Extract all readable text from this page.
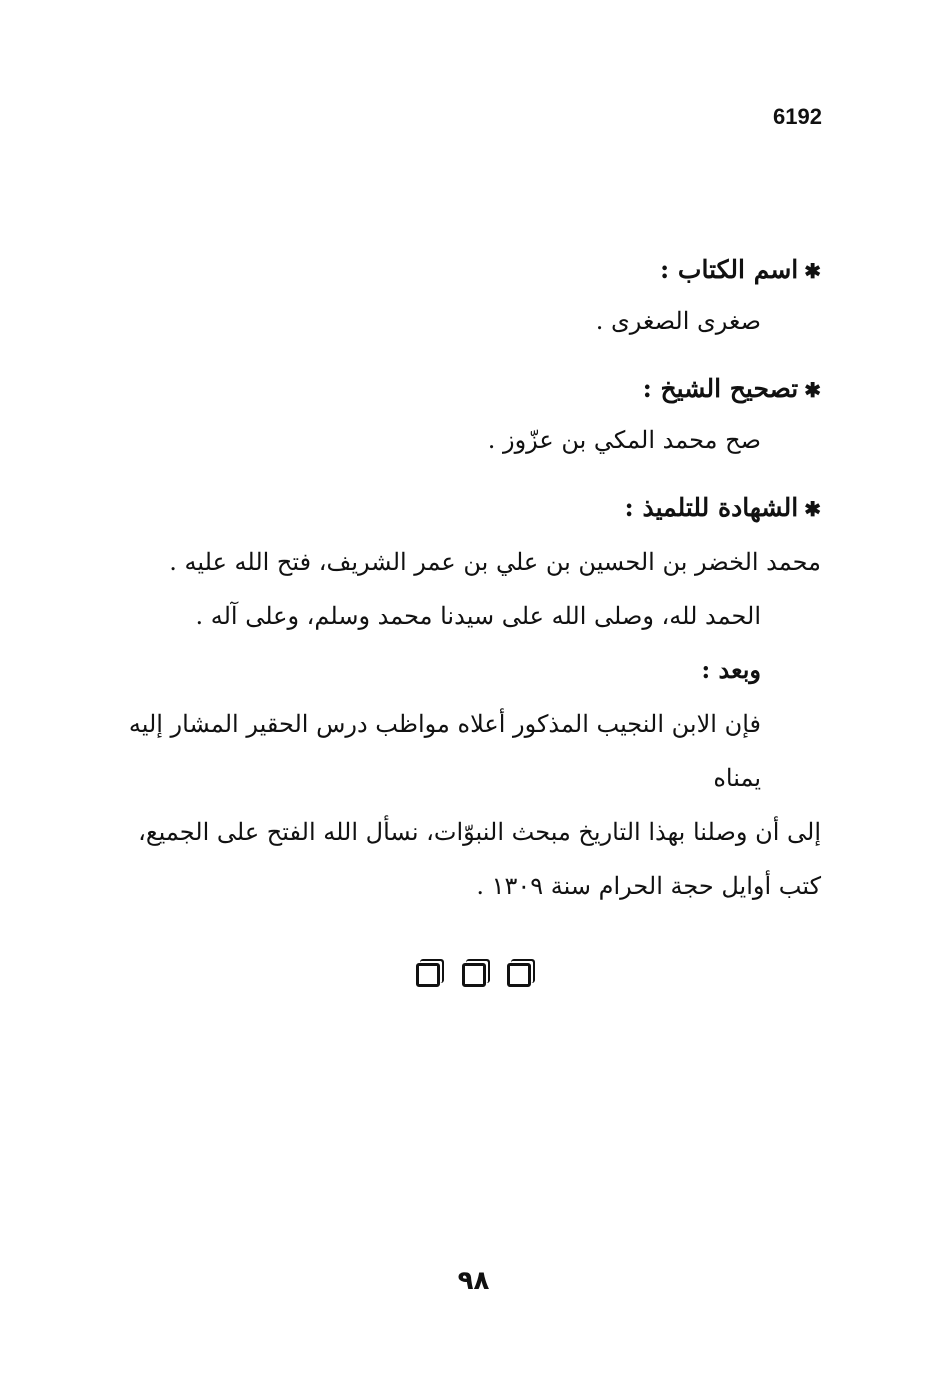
6192

✱اسم الكتاب :

صغرى الصغرى .

✱تصحيح الشيخ :

صح محمد المكي بن عزّوز .

✱الشهادة للتلميذ :

محمد الخضر بن الحسين بن علي بن عمر الشريف، فتح الله عليه .

الحمد لله، وصلى الله على سيدنا محمد وسلم، وعلى آله .

وبعد :

فإن الابن النجيب المذكور أعلاه مواظب درس الحقير المشار إليه يمناه

إلى أن وصلنا بهذا التاريخ مبحث النبوّات، نسأل الله الفتح على الجميع،

كتب أوايل حجة الحرام سنة ١٣٠٩ .

٩٨
